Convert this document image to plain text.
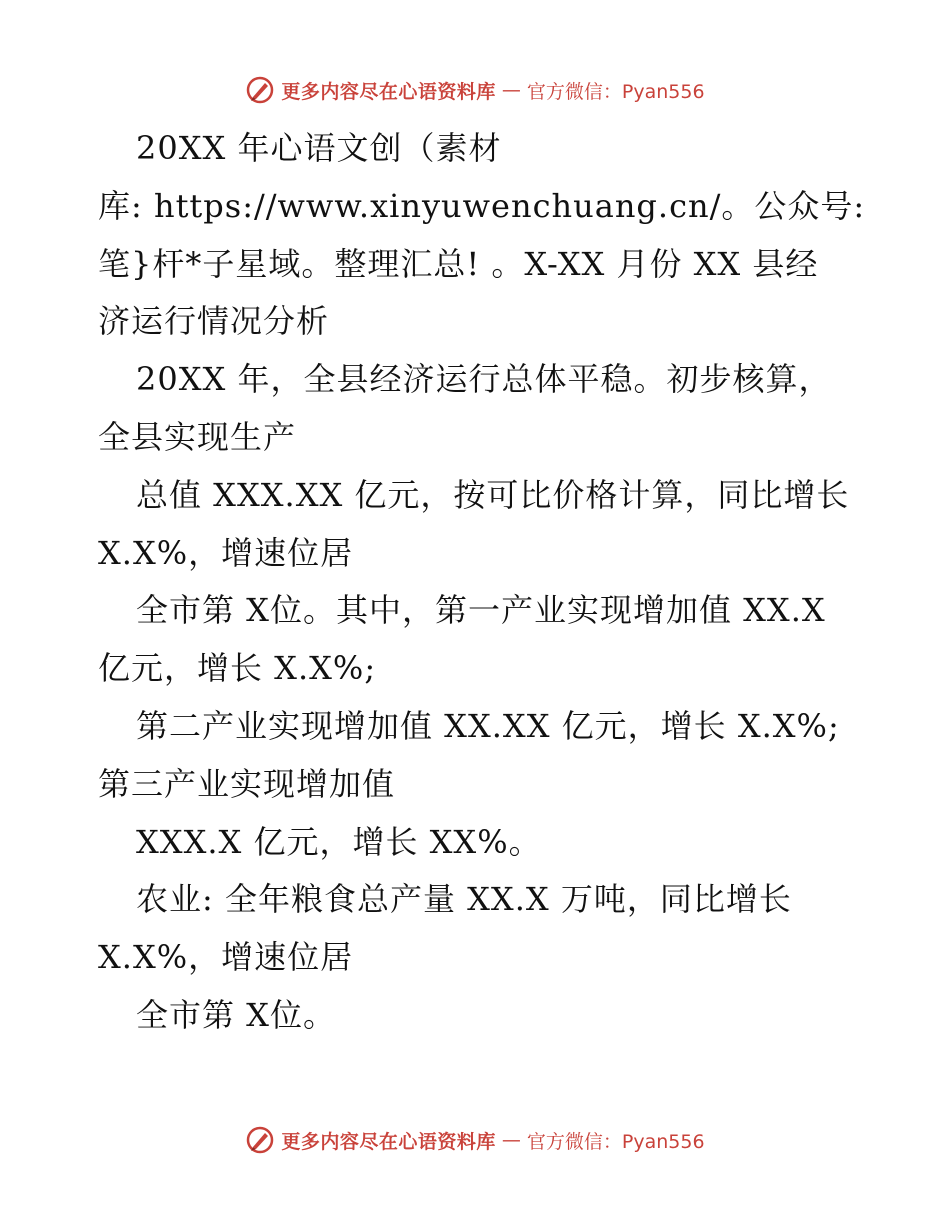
更多内容尽在心语资料库 — 官方微信：Pyan556
20XX 年心语文创（素材
库: https://www.xinyuwenchuang.cn/。公众号:
笔}杆*子星域。整理汇总! 。X-XX 月份 XX 县经
济运行情况分析
20XX 年，全县经济运行总体平稳。初步核算，
全县实现生产
总值 XXX.XX 亿元，按可比价格计算，同比增长
X.X%，增速位居
全市第 X位。其中，第一产业实现增加值 XX.X
亿元，增长 X.X%;
第二产业实现增加值 XX.XX 亿元，增长 X.X%;
第三产业实现增加值
XXX.X 亿元，增长 XX%。
农业: 全年粮食总产量 XX.X 万吨，同比增长
X.X%，增速位居
全市第 X位。
更多内容尽在心语资料库 — 官方微信：Pyan556
